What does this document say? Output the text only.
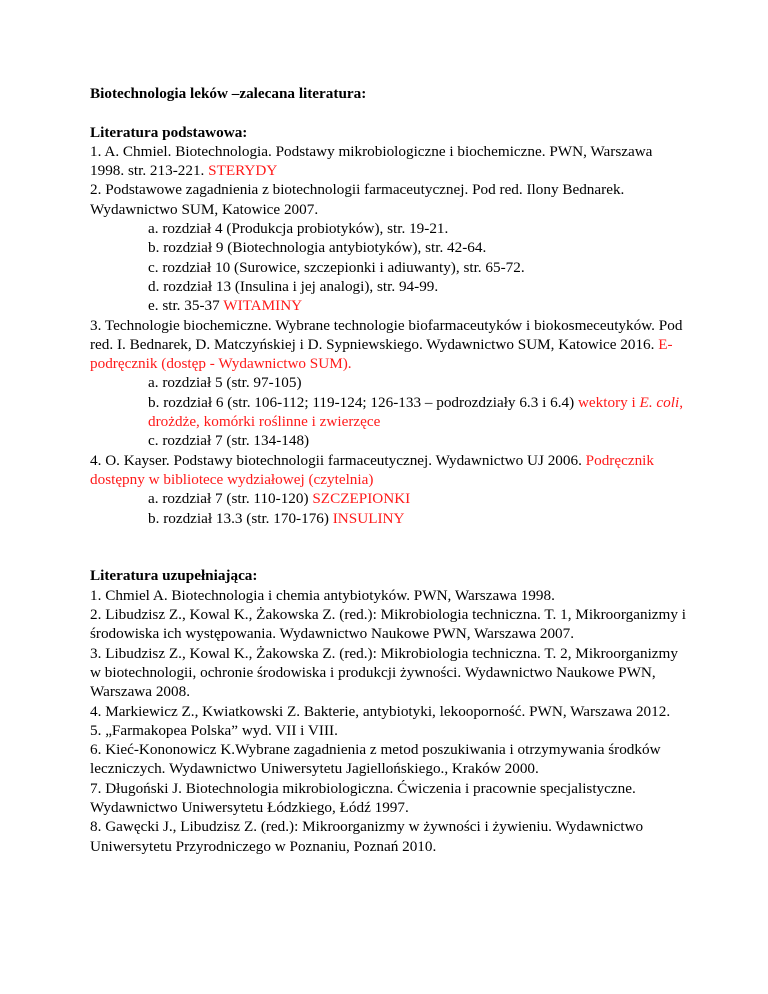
Biotechnologia leków –zalecana literatura:

Literatura podstawowa:

1. A. Chmiel. Biotechnologia. Podstawy mikrobiologiczne i biochemiczne. PWN, Warszawa 1998. str. 213-221. STERYDY

2. Podstawowe zagadnienia z biotechnologii farmaceutycznej. Pod red. Ilony Bednarek. Wydawnictwo SUM, Katowice 2007.

a. rozdział 4 (Produkcja probiotyków), str. 19-21.

b. rozdział 9 (Biotechnologia antybiotyków), str. 42-64.

c. rozdział 10 (Surowice, szczepionki i adiuwanty), str. 65-72.

d. rozdział 13 (Insulina i jej analogi), str. 94-99.

e. str. 35-37 WITAMINY

3. Technologie biochemiczne. Wybrane technologie biofarmaceutyków i biokosmeceutyków. Pod red. I. Bednarek, D. Matczyńskiej i D. Sypniewskiego. Wydawnictwo SUM, Katowice 2016. E-podręcznik (dostęp - Wydawnictwo SUM).

a. rozdział 5 (str. 97-105)

b. rozdział 6 (str. 106-112; 119-124; 126-133 – podrozdziały 6.3 i 6.4) wektory i E. coli, drożdże, komórki roślinne i zwierzęce

c. rozdział 7 (str. 134-148)

4. O. Kayser. Podstawy biotechnologii farmaceutycznej. Wydawnictwo UJ 2006. Podręcznik dostępny w bibliotece wydziałowej (czytelnia)

a. rozdział 7 (str. 110-120) SZCZEPIONKI

b. rozdział 13.3 (str. 170-176) INSULINY

Literatura uzupełniająca:

1. Chmiel A. Biotechnologia i chemia antybiotyków. PWN, Warszawa 1998.

2. Libudzisz Z., Kowal K., Żakowska Z. (red.): Mikrobiologia techniczna. T. 1, Mikroorganizmy i środowiska ich występowania. Wydawnictwo Naukowe PWN, Warszawa 2007.

3. Libudzisz Z., Kowal K., Żakowska Z. (red.): Mikrobiologia techniczna. T. 2, Mikroorganizmy w biotechnologii, ochronie środowiska i produkcji żywności. Wydawnictwo Naukowe PWN, Warszawa 2008.

4. Markiewicz Z., Kwiatkowski Z. Bakterie, antybiotyki, lekooporność. PWN, Warszawa 2012.

5. „Farmakopea Polska” wyd. VII i VIII.

6. Kieć-Kononowicz K.Wybrane zagadnienia z metod poszukiwania i otrzymywania środków leczniczych. Wydawnictwo Uniwersytetu Jagiellońskiego., Kraków 2000.

7. Długoński J. Biotechnologia mikrobiologiczna. Ćwiczenia i pracownie specjalistyczne. Wydawnictwo Uniwersytetu Łódzkiego, Łódź 1997.

8. Gawęcki J., Libudzisz Z. (red.): Mikroorganizmy w żywności i żywieniu. Wydawnictwo Uniwersytetu Przyrodniczego w Poznaniu, Poznań 2010.
